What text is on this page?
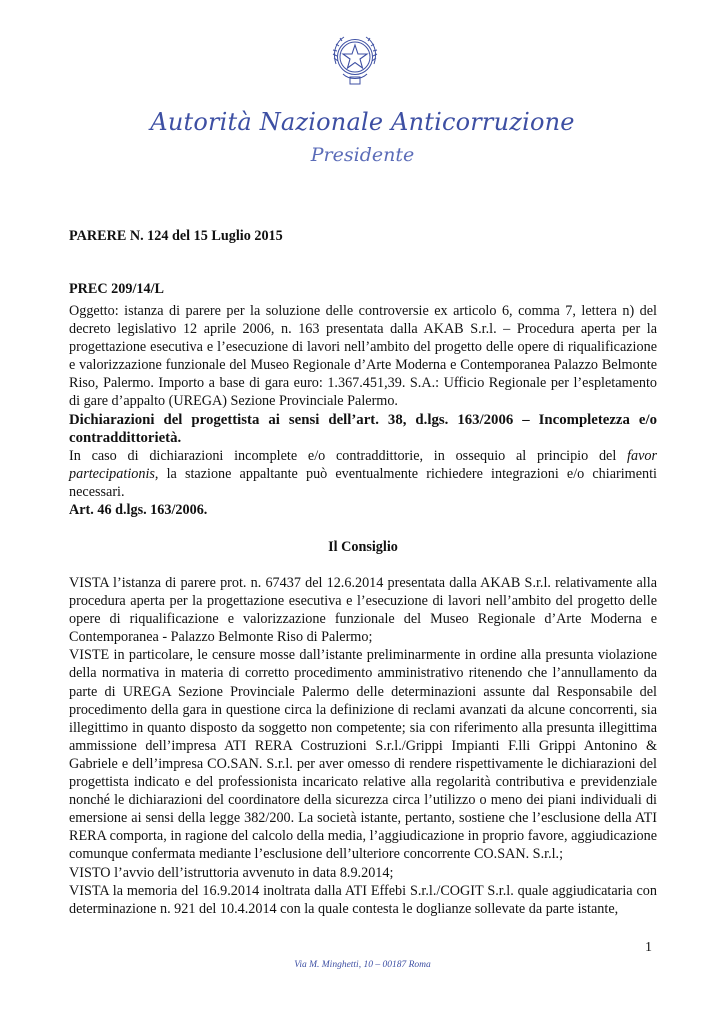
Autorità Nazionale Anticorruzione
Presidente
PARERE N. 124 del 15 Luglio 2015
PREC 209/14/L

Oggetto: istanza di parere per la soluzione delle controversie ex articolo 6, comma 7, lettera n) del decreto legislativo 12 aprile 2006, n. 163 presentata dalla AKAB S.r.l. – Procedura aperta per la progettazione esecutiva e l’esecuzione di lavori nell’ambito del progetto delle opere di riqualificazione e valorizzazione funzionale del Museo Regionale d’Arte Moderna e Contemporanea Palazzo Belmonte Riso, Palermo. Importo a base di gara euro: 1.367.451,39. S.A.: Ufficio Regionale per l’espletamento di gare d’appalto (UREGA) Sezione Provinciale Palermo.

Dichiarazioni del progettista ai sensi dell’art. 38, d.lgs. 163/2006 – Incompletezza e/o contraddittorietà.

In caso di dichiarazioni incomplete e/o contraddittorie, in ossequio al principio del favor partecipationis, la stazione appaltante può eventualmente richiedere integrazioni e/o chiarimenti necessari.

Art. 46 d.lgs. 163/2006.

Il Consiglio

VISTA l’istanza di parere prot. n. 67437 del 12.6.2014 presentata dalla AKAB S.r.l. relativamente alla procedura aperta per la progettazione esecutiva e l’esecuzione di lavori nell’ambito del progetto delle opere di riqualificazione e valorizzazione funzionale del Museo Regionale d’Arte Moderna e Contemporanea - Palazzo Belmonte Riso di Palermo;

VISTE in particolare, le censure mosse dall’istante preliminarmente in ordine alla presunta violazione della normativa in materia di corretto procedimento amministrativo ritenendo che l’annullamento da parte di UREGA Sezione Provinciale Palermo delle determinazioni assunte dal Responsabile del procedimento della gara in questione circa la definizione di reclami avanzati da alcune concorrenti, sia illegittimo in quanto disposto da soggetto non competente; sia con riferimento alla presunta illegittima ammissione dell’impresa ATI RERA Costruzioni S.r.l./Grippi Impianti F.lli Grippi Antonino & Gabriele e dell’impresa CO.SAN. S.r.l. per aver omesso di rendere rispettivamente le dichiarazioni del progettista indicato e del professionista incaricato relative alla regolarità contributiva e previdenziale nonché le dichiarazioni del coordinatore della sicurezza circa l’utilizzo o meno dei piani individuali di emersione ai sensi della legge 382/200. La società istante, pertanto, sostiene che l’esclusione della ATI RERA comporta, in ragione del calcolo della media, l’aggiudicazione in proprio favore, aggiudicazione comunque confermata mediante l’esclusione dell’ulteriore concorrente CO.SAN. S.r.l.;

VISTO l’avvio dell’istruttoria avvenuto in data 8.9.2014;

VISTA la memoria del 16.9.2014 inoltrata dalla ATI Effebi S.r.l./COGIT S.r.l. quale aggiudicataria con determinazione n. 921 del 10.4.2014 con la quale contesta le doglianze sollevate da parte istante,

1
Via M. Minghetti, 10 – 00187 Roma
